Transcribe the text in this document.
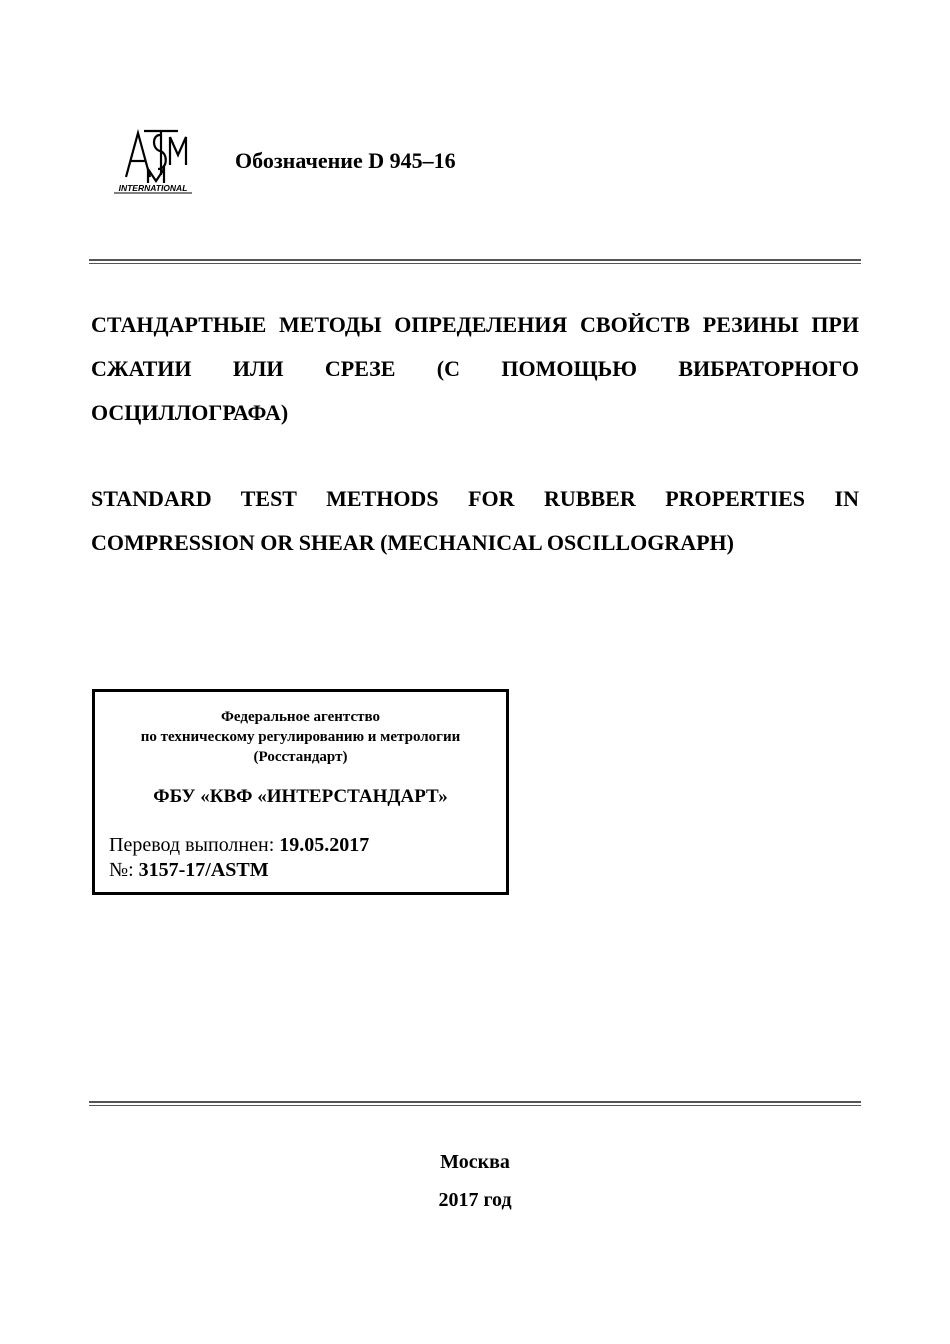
INTERNATIONAL
Обозначение D 945–16
СТАНДАРТНЫЕ МЕТОДЫ ОПРЕДЕЛЕНИЯ СВОЙСТВ РЕЗИНЫ ПРИ СЖАТИИ ИЛИ СРЕЗЕ (С ПОМОЩЬЮ ВИБРАТОРНОГО ОСЦИЛЛОГРАФА)
STANDARD TEST METHODS FOR RUBBER PROPERTIES IN COMPRESSION OR SHEAR (MECHANICAL OSCILLOGRAPH)
Федеральное агентство
по техническому регулированию и метрологии
(Росстандарт)
ФБУ «КВФ «ИНТЕРСТАНДАРТ»
Перевод выполнен: 19.05.2017
№: 3157-17/ASTM
Москва
2017 год
